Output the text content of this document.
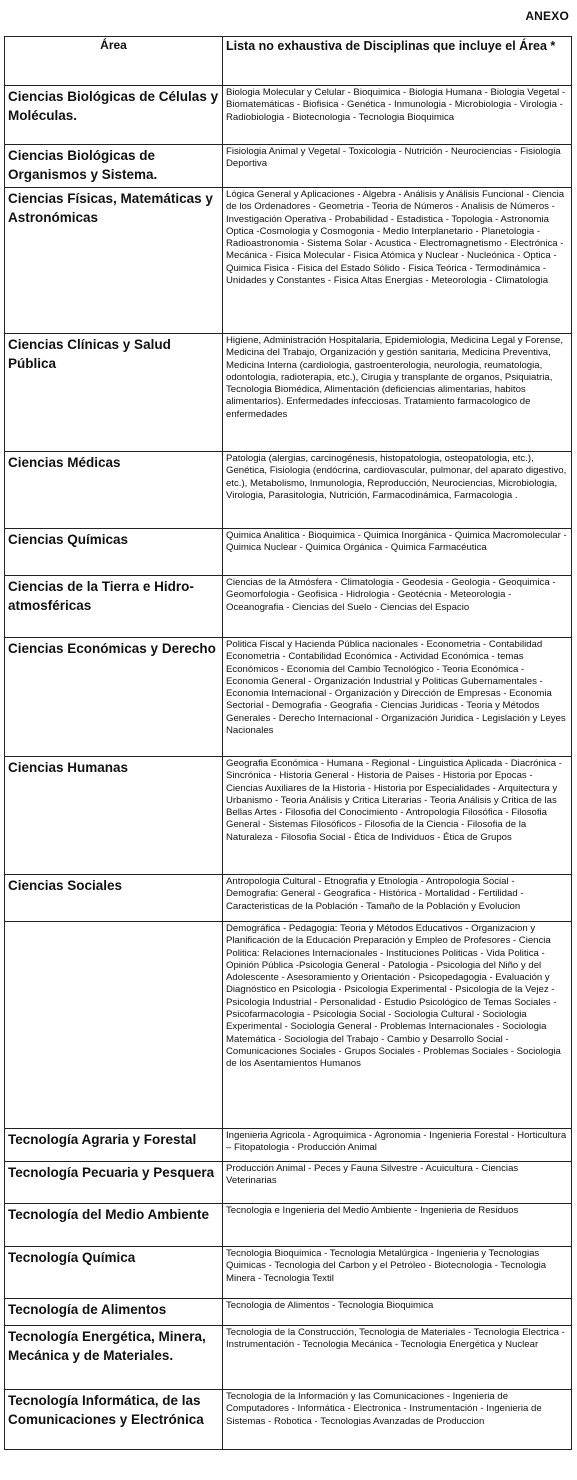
ANEXO
Área	Lista no exhaustiva de Disciplinas que incluye el Área *
Ciencias Biológicas de Células y Moléculas.	Biologia Molecular y Celular - Bioquimica - Biologia Humana - Biologia Vegetal - Biomatemáticas - Biofisica - Genética - Inmunologia - Microbiologia - Virologia - Radiobiologia - Biotecnologia - Tecnologia Bioquimica
Ciencias Biológicas de Organismos y Sistema.	Fisiologia Animal y Vegetal - Toxicologia - Nutrición - Neurociencias - Fisiologia Deportiva
Ciencias Físicas, Matemáticas y Astronómicas	Lógica General y Aplicaciones - Algebra - Análisis y Análisis Funcional - Ciencia de los Ordenadores - Geometria - Teoria de Números - Analisis de Números - Investigación Operativa - Probabilidad - Estadistica - Topologia - Astronomia Optica -Cosmologia y Cosmogonia - Medio Interplanetario - Planetologia - Radioastronomia - Sistema Solar - Acustica - Electromagnetismo - Electrónica - Mecánica - Fisica Molecular - Fisica Atómica y Nuclear - Nucleónica - Optica - Quimica Fisica - Fisica del Estado Sólido - Fisica Teórica - Termodinámica - Unidades y Constantes - Fisica Altas Energias - Meteorologia - Climatologia
Ciencias Clínicas y Salud Pública	Higiene, Administración Hospitalaria, Epidemiologia, Medicina Legal y Forense, Medicina del Trabajo, Organización y gestión sanitaria, Medicina Preventiva, Medicina Interna (cardiologia, gastroenterologia, neurologia, reumatologia, odontologia, radioterapia, etc.), Cirugia y transplante de organos, Psiquiatria, Tecnologia Biomédica, Alimentación (deficiencias alimentarias, habitos alimentarios). Enfermedades infecciosas. Tratamiento farmacologico de enfermedades
Ciencias Médicas	Patologia (alergias, carcinogénesis, histopatologia, osteopatologia, etc.), Genética, Fisiologia (endócrina, cardiovascular, pulmonar, del aparato digestivo, etc.), Metabolismo, Inmunologia, Reproducción, Neurociencias, Microbiologia, Virologia, Parasitologia, Nutrición, Farmacodinámica, Farmacologia .
Ciencias Químicas	Quimica Analitica - Bioquimica - Quimica Inorgánica - Quimica Macromolecular - Quimica Nuclear - Quimica Orgánica - Quimica Farmacéutica
Ciencias de la Tierra e Hidro-atmosféricas	Ciencias de la Atmósfera - Climatologia - Geodesia - Geologia - Geoquimica - Geomorfologia - Geofisica - Hidrologia - Geotécnia - Meteorologia - Oceanografia - Ciencias del Suelo - Ciencias del Espacio
Ciencias Económicas y Derecho	Politica Fiscal y Hacienda Pública nacionales - Econometria - Contabilidad Econometria - Contabilidad Económica - Actividad Económica - temas Económicos - Economia del Cambio Tecnológico - Teoria Económica - Economia General - Organización Industrial y Politicas Gubernamentales - Economia Internacional - Organización y Dirección de Empresas - Economia Sectorial - Demografia - Geografia - Ciencias Juridicas - Teoria y Métodos Generales - Derecho Internacional - Organización Juridica - Legislación y Leyes Nacionales
Ciencias Humanas	Geografia Económica - Humana - Regional - Linguistica Aplicada - Diacrónica - Sincrónica - Historia General - Historia de Paises - Historia por Epocas - Ciencias Auxiliares de la Historia - Historia por Especialidades - Arquitectura y Urbanismo - Teoria Análisis y Critica Literarias - Teoria Análisis y Critica de las Bellas Artes - Filosofia del Conocimiento - Antropologia Filosófica - Filosofia General - Sistemas Filosóficos - Filosofia de la Ciencia - Filosofia de la Naturaleza - Filosofia Social - Ética de Individuos - Ética de Grupos
Ciencias Sociales	Antropologia Cultural - Etnografia y Etnologia - Antropologia Social - Demografia: General - Geografica - Histórica - Mortalidad - Fertilidad - Caracteristicas de la Población - Tamaño de la Población y Evolucion
	Demográfica - Pedagogia: Teoria y Métodos Educativos - Organizacion y Planificación de la Educación Preparación y Empleo de Profesores - Ciencia Politica: Relaciones Internacionales - Instituciones Politicas - Vida Politica - Opinión Pública -Psicologia General - Patologia - Psicologia del Niño y del Adolescente - Asesoramiento y Orientación - Psicopedagogia - Evaluación y Diagnóstico en Psicologia - Psicologia Experimental - Psicologia de la Vejez - Psicologia Industrial - Personalidad - Estudio Psicológico de Temas Sociales - Psicofarmacologia - Psicologia Social - Sociologia Cultural - Sociologia Experimental - Sociologia General - Problemas Internacionales - Sociologia Matemática - Sociologia del Trabajo - Cambio y Desarrollo Social - Comunicaciones Sociales - Grupos Sociales - Problemas Sociales - Sociologia de los Asentamientos Humanos
Tecnología Agraria y Forestal	Ingenieria Agricola - Agroquimica - Agronomia - Ingenieria Forestal - Horticultura – Fitopatologia - Producción Animal
Tecnología Pecuaria y Pesquera	Producción Animal - Peces y Fauna Silvestre - Acuicultura - Ciencias Veterinarias
Tecnología del Medio Ambiente	Tecnologia e Ingenieria del Medio Ambiente - Ingenieria de Residuos
Tecnología Química	Tecnologia Bioquimica - Tecnologia Metalúrgica - Ingenieria y Tecnologias Quimicas - Tecnologia del Carbon y el Petróleo - Biotecnologia - Tecnologia Minera - Tecnologia Textil
Tecnología de Alimentos	Tecnologia de Alimentos - Tecnologia Bioquimica
Tecnología Energética, Minera, Mecánica y de Materiales.	Tecnologia de la Construcción, Tecnologia de Materiales - Tecnologia Electrica - Instrumentación - Tecnologia Mecánica - Tecnologia Energética y Nuclear
Tecnología Informática, de las Comunicaciones y Electrónica	Tecnologia de la Información y las Comunicaciones - Ingenieria de Computadores - Informática - Electronica - Instrumentación - Ingenieria de Sistemas - Robotica - Tecnologias Avanzadas de Produccion
